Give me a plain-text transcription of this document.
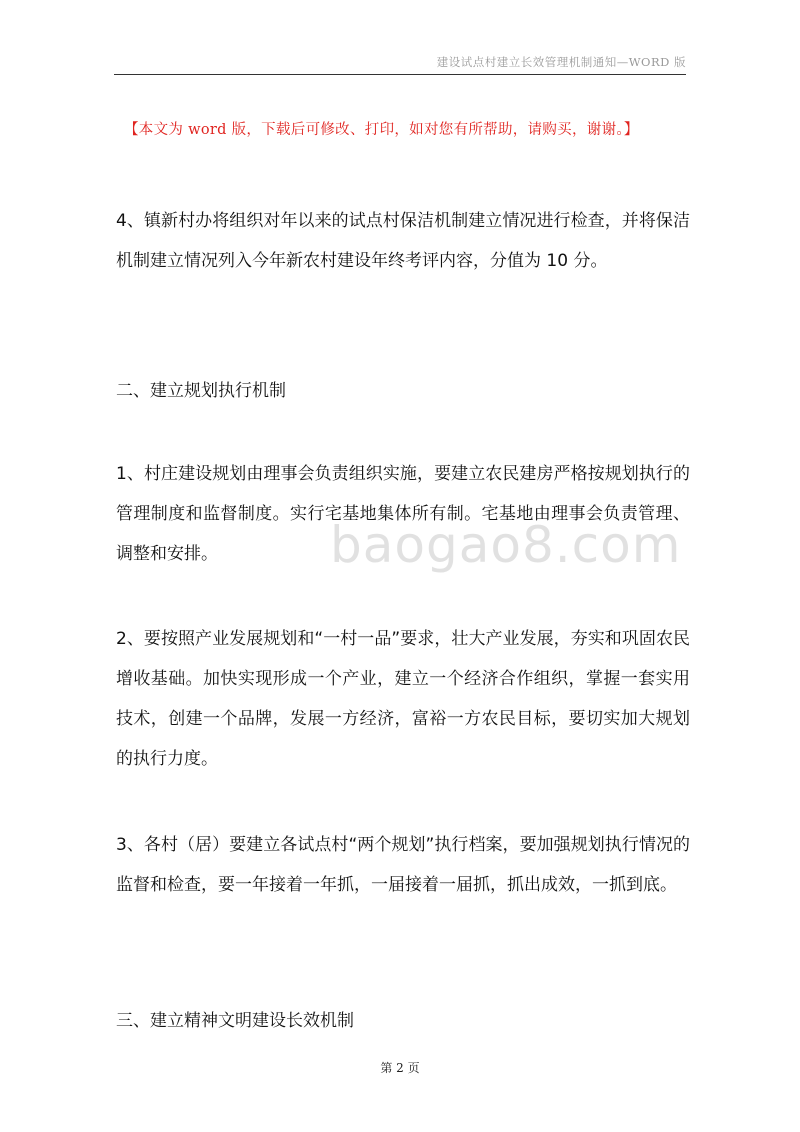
建设试点村建立长效管理机制通知—WORD 版
【本文为 word 版，下载后可修改、打印，如对您有所帮助，请购买，谢谢。】

4、镇新村办将组织对年以来的试点村保洁机制建立情况进行检查，并将保洁机制建立情况列入今年新农村建设年终考评内容，分值为 10 分。

二、建立规划执行机制

1、村庄建设规划由理事会负责组织实施，要建立农民建房严格按规划执行的管理制度和监督制度。实行宅基地集体所有制。宅基地由理事会负责管理、调整和安排。

2、要按照产业发展规划和“一村一品”要求，壮大产业发展，夯实和巩固农民增收基础。加快实现形成一个产业，建立一个经济合作组织，掌握一套实用技术，创建一个品牌，发展一方经济，富裕一方农民目标，要切实加大规划的执行力度。

3、各村（居）要建立各试点村“两个规划”执行档案，要加强规划执行情况的监督和检查，要一年接着一年抓，一届接着一届抓，抓出成效，一抓到底。

三、建立精神文明建设长效机制

baogao8.com
第 2 页
